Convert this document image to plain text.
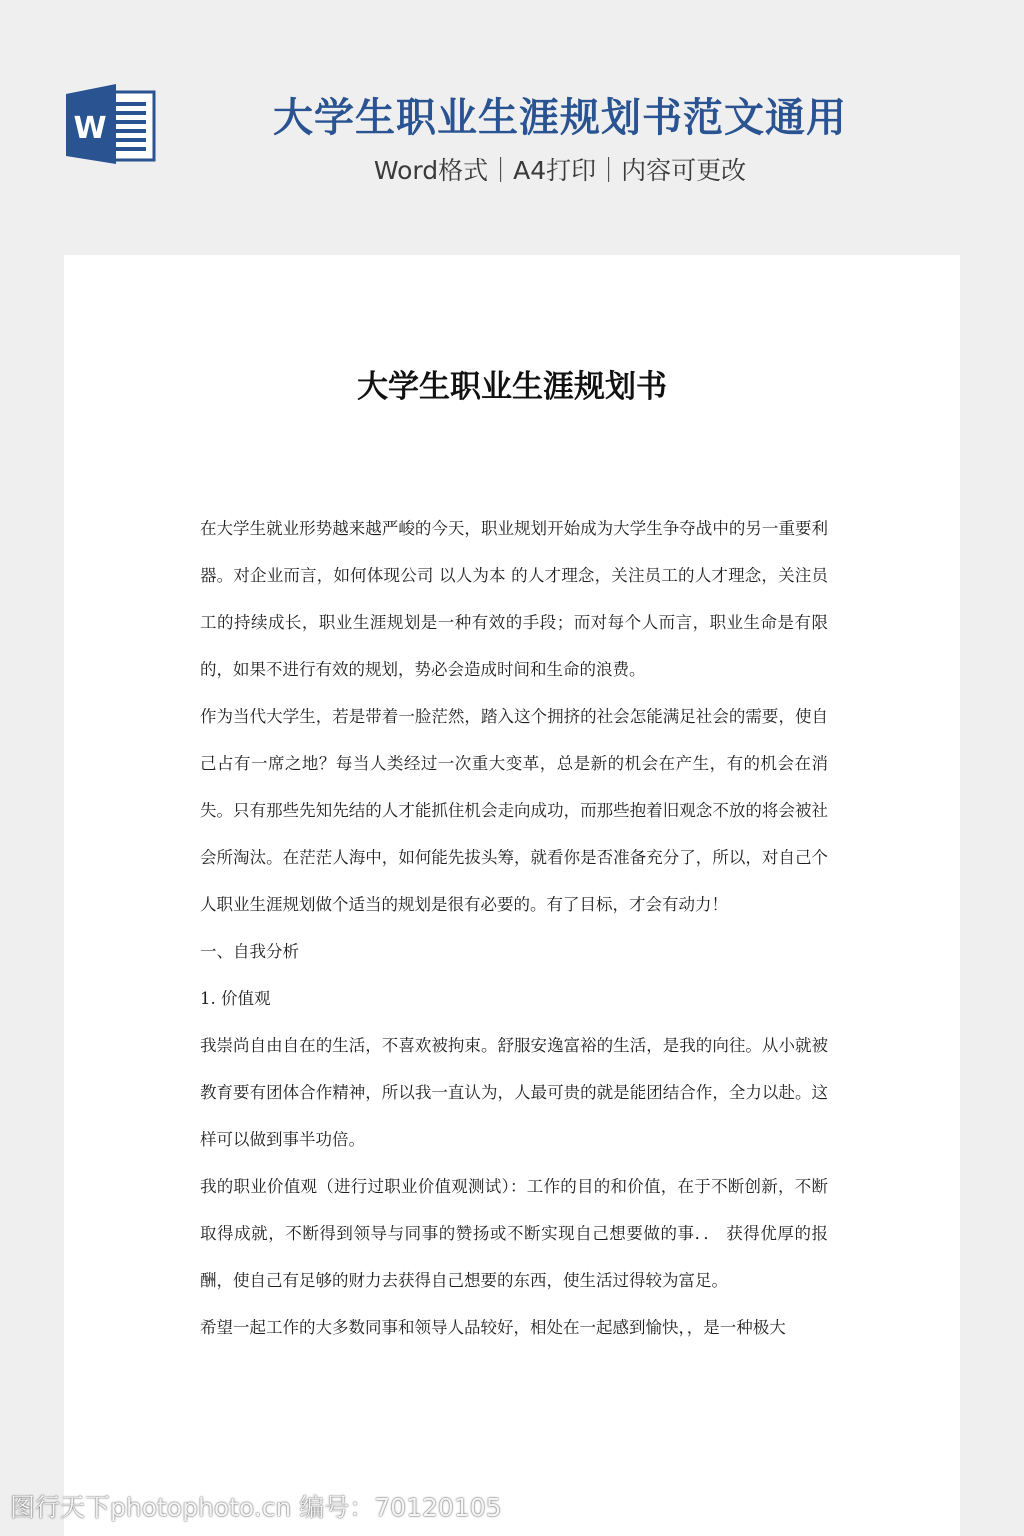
W	大学生职业生涯规划书范文通用
Word格式｜A4打印｜内容可更改
大学生职业生涯规划书

在大学生就业形势越来越严峻的今天，职业规划开始成为大学生争夺战中的另一重要利器。对企业而言，如何体现公司 以人为本 的人才理念，关注员工的人才理念，关注员工的持续成长，职业生涯规划是一种有效的手段；而对每个人而言，职业生命是有限的，如果不进行有效的规划，势必会造成时间和生命的浪费。

作为当代大学生，若是带着一脸茫然，踏入这个拥挤的社会怎能满足社会的需要，使自己占有一席之地？每当人类经过一次重大变革，总是新的机会在产生，有的机会在消失。只有那些先知先结的人才能抓住机会走向成功，而那些抱着旧观念不放的将会被社会所淘汰。在茫茫人海中，如何能先拔头筹，就看你是否准备充分了，所以，对自己个人职业生涯规划做个适当的规划是很有必要的。有了目标，才会有动力！

一、自我分析

1. 价值观

我崇尚自由自在的生活，不喜欢被拘束。舒服安逸富裕的生活，是我的向往。从小就被教育要有团体合作精神，所以我一直认为，人最可贵的就是能团结合作，全力以赴。这样可以做到事半功倍。

我的职业价值观（进行过职业价值观测试）：工作的目的和价值，在于不断创新，不断取得成就，不断得到领导与同事的赞扬或不断实现自己想要做的事．． 获得优厚的报酬，使自己有足够的财力去获得自己想要的东西，使生活过得较为富足。

希望一起工作的大多数同事和领导人品较好，相处在一起感到愉快，，是一种极大

图行天下photophoto.cn 编号：70120105
